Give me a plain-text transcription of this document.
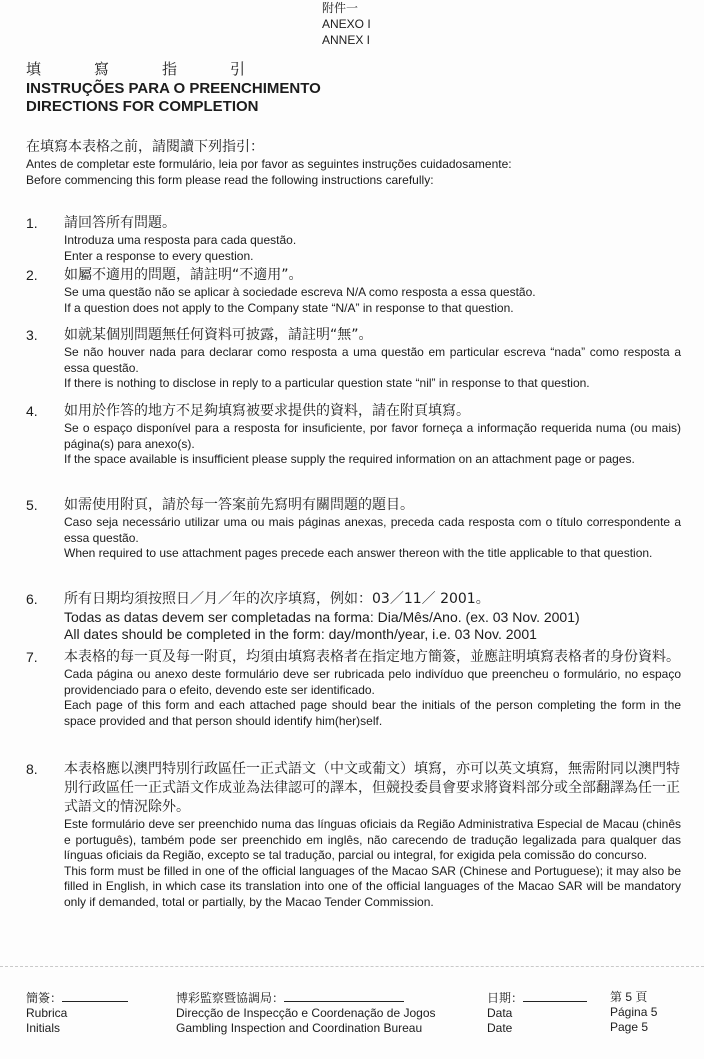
附件一
ANEXO I
ANNEX I
填寫指引
INSTRUÇÕES PARA O PREENCHIMENTO
DIRECTIONS FOR COMPLETION
在填寫本表格之前，請閱讀下列指引：
Antes de completar este formulário, leia por favor as seguintes instruções cuidadosamente:
Before commencing this form please read the following instructions carefully:
1. 請回答所有問題。
Introduza uma resposta para cada questão.
Enter a response to every question.
2. 如屬不適用的問題，請註明“不適用”。
Se uma questão não se aplicar à sociedade escreva N/A como resposta a essa questão.
If a question does not apply to the Company state “N/A” in response to that question.
3. 如就某個別問題無任何資料可披露，請註明“無”。
Se não houver nada para declarar como resposta a uma questão em particular escreva “nada” como resposta a essa questão.
If there is nothing to disclose in reply to a particular question state “nil” in response to that question.
4. 如用於作答的地方不足夠填寫被要求提供的資料，請在附頁填寫。
Se o espaço disponível para a resposta for insuficiente, por favor forneça a informação requerida numa (ou mais) página(s) para anexo(s).
If the space available is insufficient please supply the required information on an attachment page or pages.
5. 如需使用附頁，請於每一答案前先寫明有關問題的題目。
Caso seja necessário utilizar uma ou mais páginas anexas, preceda cada resposta com o título correspondente a essa questão.
When required to use attachment pages precede each answer thereon with the title applicable to that question.
6. 所有日期均須按照日／月／年的次序填寫，例如：03／11／ 2001。
Todas as datas devem ser completadas na forma: Dia/Mês/Ano. (ex. 03 Nov. 2001)
All dates should be completed in the form: day/month/year, i.e. 03 Nov. 2001
7. 本表格的每一頁及每一附頁，均須由填寫表格者在指定地方簡簽，並應註明填寫表格者的身份資料。
Cada página ou anexo deste formulário deve ser rubricada pelo indivíduo que preencheu o formulário, no espaço providenciado para o efeito, devendo este ser identificado.
Each page of this form and each attached page should bear the initials of the person completing the form in the space provided and that person should identify him(her)self.
8. 本表格應以澳門特別行政區任一正式語文（中文或葡文）填寫，亦可以英文填寫，無需附同以澳門特別行政區任一正式語文作成並為法律認可的譯本，但競投委員會要求將資料部分或全部翻譯為任一正式語文的情況除外。
Este formulário deve ser preenchido numa das línguas oficiais da Região Administrativa Especial de Macau (chinês e português), também pode ser preenchido em inglês, não carecendo de tradução legalizada para qualquer das línguas oficiais da Região, excepto se tal tradução, parcial ou integral, for exigida pela comissão do concurso.
This form must be filled in one of the official languages of the Macao SAR (Chinese and Portuguese); it may also be filled in English, in which case its translation into one of the official languages of the Macao SAR will be mandatory only if demanded, total or partially, by the Macao Tender Commission.
簡簽：
Rubrica
Initials
博彩監察暨協調局：
Direcção de Inspecção e Coordenação de Jogos
Gambling Inspection and Coordination Bureau
日期：
Data
Date
第 5 頁
Página 5
Page 5
